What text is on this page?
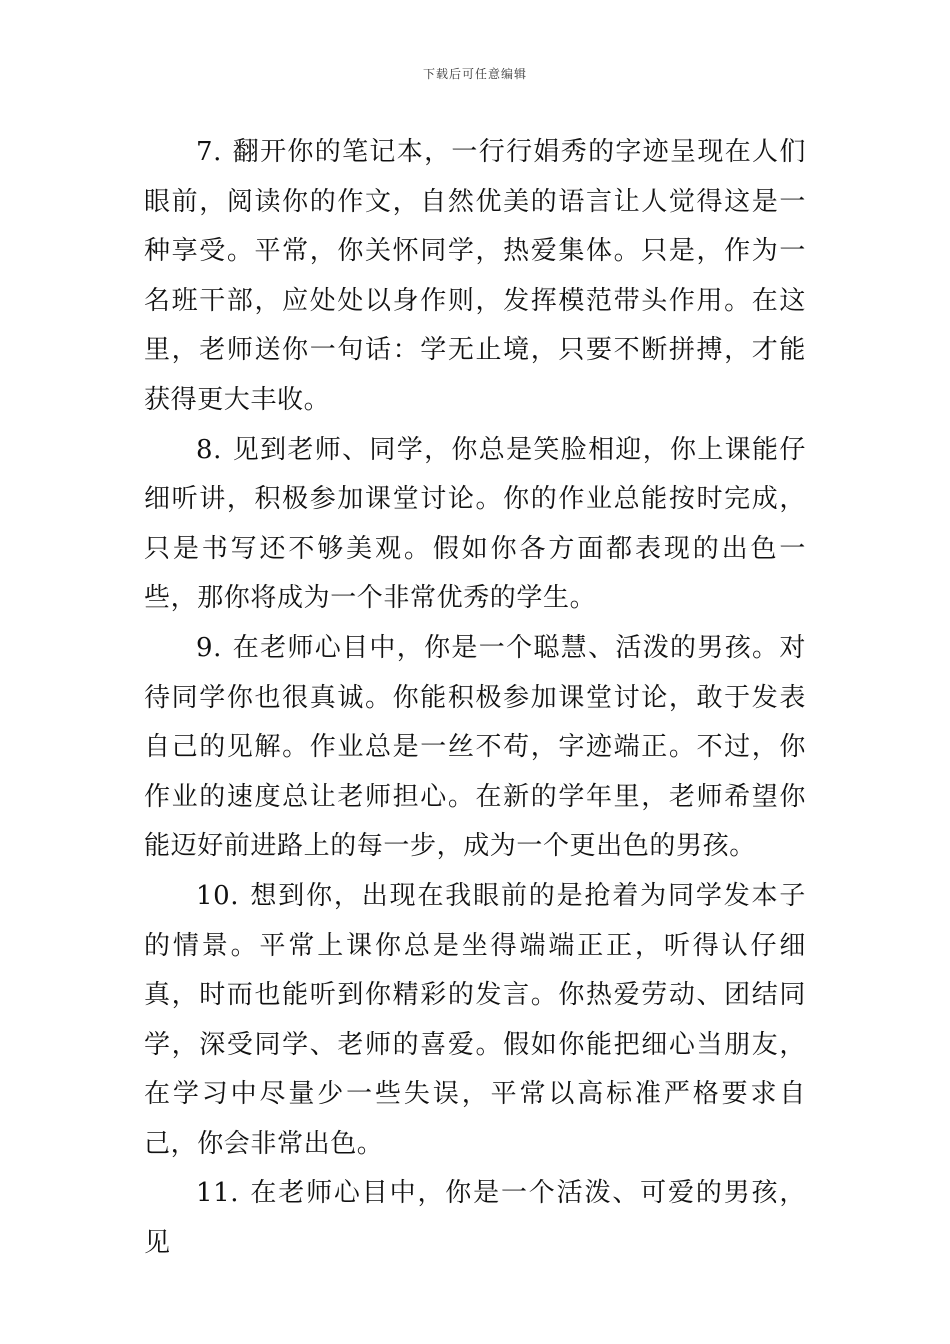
下载后可任意编辑

7. 翻开你的笔记本，一行行娟秀的字迹呈现在人们眼前，阅读你的作文，自然优美的语言让人觉得这是一种享受。平常，你关怀同学，热爱集体。只是，作为一名班干部，应处处以身作则，发挥模范带头作用。在这里，老师送你一句话：学无止境，只要不断拼搏，才能获得更大丰收。

8. 见到老师、同学，你总是笑脸相迎，你上课能仔细听讲，积极参加课堂讨论。你的作业总能按时完成，只是书写还不够美观。假如你各方面都表现的出色一些，那你将成为一个非常优秀的学生。

9. 在老师心目中，你是一个聪慧、活泼的男孩。对待同学你也很真诚。你能积极参加课堂讨论，敢于发表自己的见解。作业总是一丝不苟，字迹端正。不过，你作业的速度总让老师担心。在新的学年里，老师希望你能迈好前进路上的每一步，成为一个更出色的男孩。

10. 想到你，出现在我眼前的是抢着为同学发本子的情景。平常上课你总是坐得端端正正，听得认仔细真，时而也能听到你精彩的发言。你热爱劳动、团结同学，深受同学、老师的喜爱。假如你能把细心当朋友，在学习中尽量少一些失误，平常以高标准严格要求自己，你会非常出色。

11. 在老师心目中，你是一个活泼、可爱的男孩，见
